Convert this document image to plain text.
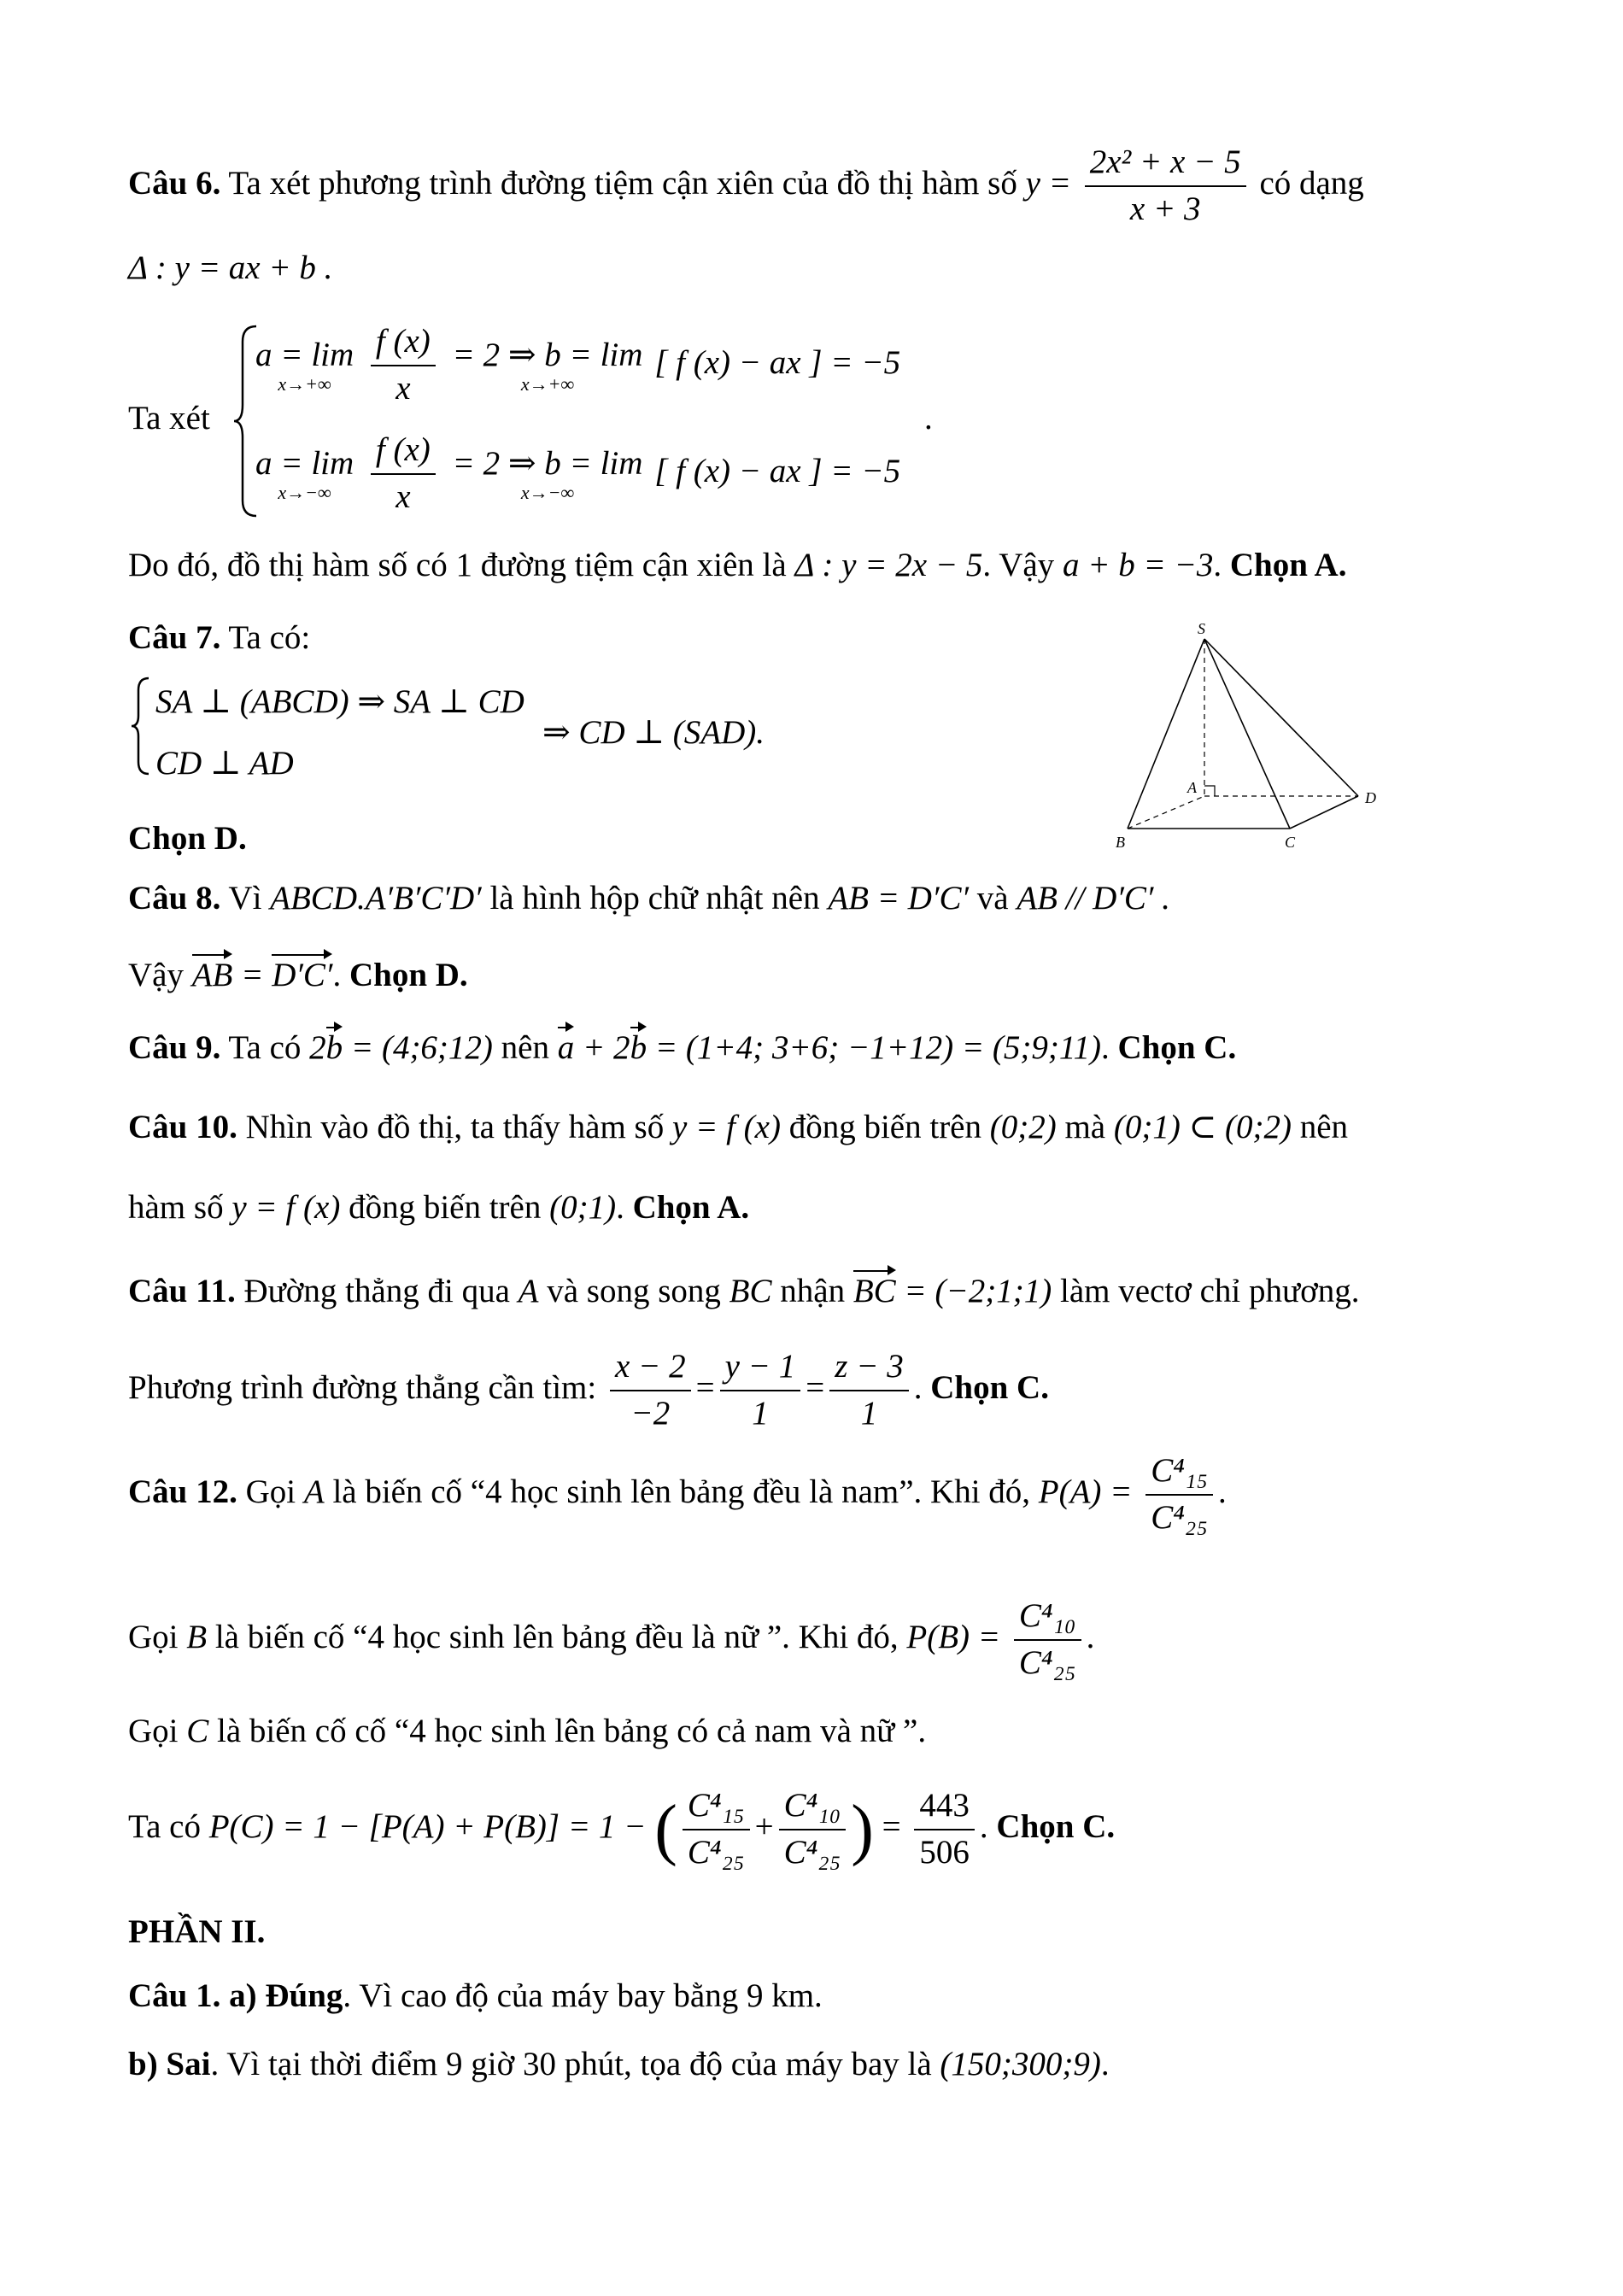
Câu 6. Ta xét phương trình đường tiệm cận xiên của đồ thị hàm số $y = \frac{\text{2x² + x − 5}}{x + 3}$ có dạng
Δ : y = ax + b .
Ta xét
a = lim
x→+∞
$\frac{f (x)}{x}$
= 2 ⇒ b = lim
x→+∞
[ f (x) − ax ] = −5
a = lim
x→−∞
$\frac{f (x)}{x}$
= 2 ⇒ b = lim
x→−∞
[ f (x) − ax ] = −5
.
Do đó, đồ thị hàm số có 1 đường tiệm cận xiên là Δ : y = 2x − 5. Vậy a + b = −3. Chọn A.
Câu 7. Ta có:
SA ⊥ (ABCD) ⇒ SA ⊥ CD
CD ⊥ AD
⇒ CD ⊥ (SAD).
Chọn D.
S
A
B	C
D
Câu 8. Vì ABCD.A′B′C′D′ là hình hộp chữ nhật nên AB = D′C′ và AB // D′C′ .
Vậy AB = D′C′. Chọn D.
Câu 9. Ta có 2b = (4;6;12) nên a + 2b = (1+4; 3+6; −1+12) = (5;9;11). Chọn C.
Câu 10. Nhìn vào đồ thị, ta thấy hàm số y = f (x) đồng biến trên (0;2) mà (0;1) ⊂ (0;2) nên
hàm số y = f (x) đồng biến trên (0;1). Chọn A.
Câu 11. Đường thẳng đi qua A và song song BC nhận BC = (−2;1;1) làm vectơ chỉ phương.
Phương trình đường thẳng cần tìm: $\frac{x - 2}{-2} = \frac{y - 1}{1} = \frac{z - 3}{1}$ . Chọn C.
Câu 12. Gọi A là biến cố “4 học sinh lên bảng đều là nam”. Khi đó, $P(A) = \frac{\text{C⁴₁₅}}{\text{C⁴₂₅}}$ .
Gọi B là biến cố “4 học sinh lên bảng đều là nữ ”. Khi đó, $P(B) = \frac{\text{C⁴₁₀}}{\text{C⁴₂₅}}$ .
Gọi C là biến cố cố “4 học sinh lên bảng có cả nam và nữ ”.
Ta có P(C) = 1 − [P(A) + P(B)] = 1 − ( $\frac{\text{C⁴₁₅}}{\text{C⁴₂₅}} + \frac{\text{C⁴₁₀}}{\text{C⁴₂₅}}$ ) = $\frac{443}{506}$ . Chọn C.
PHẦN II.
Câu 1. a) Đúng. Vì cao độ của máy bay bằng 9 km.
b) Sai. Vì tại thời điểm 9 giờ 30 phút, tọa độ của máy bay là (150;300;9).
